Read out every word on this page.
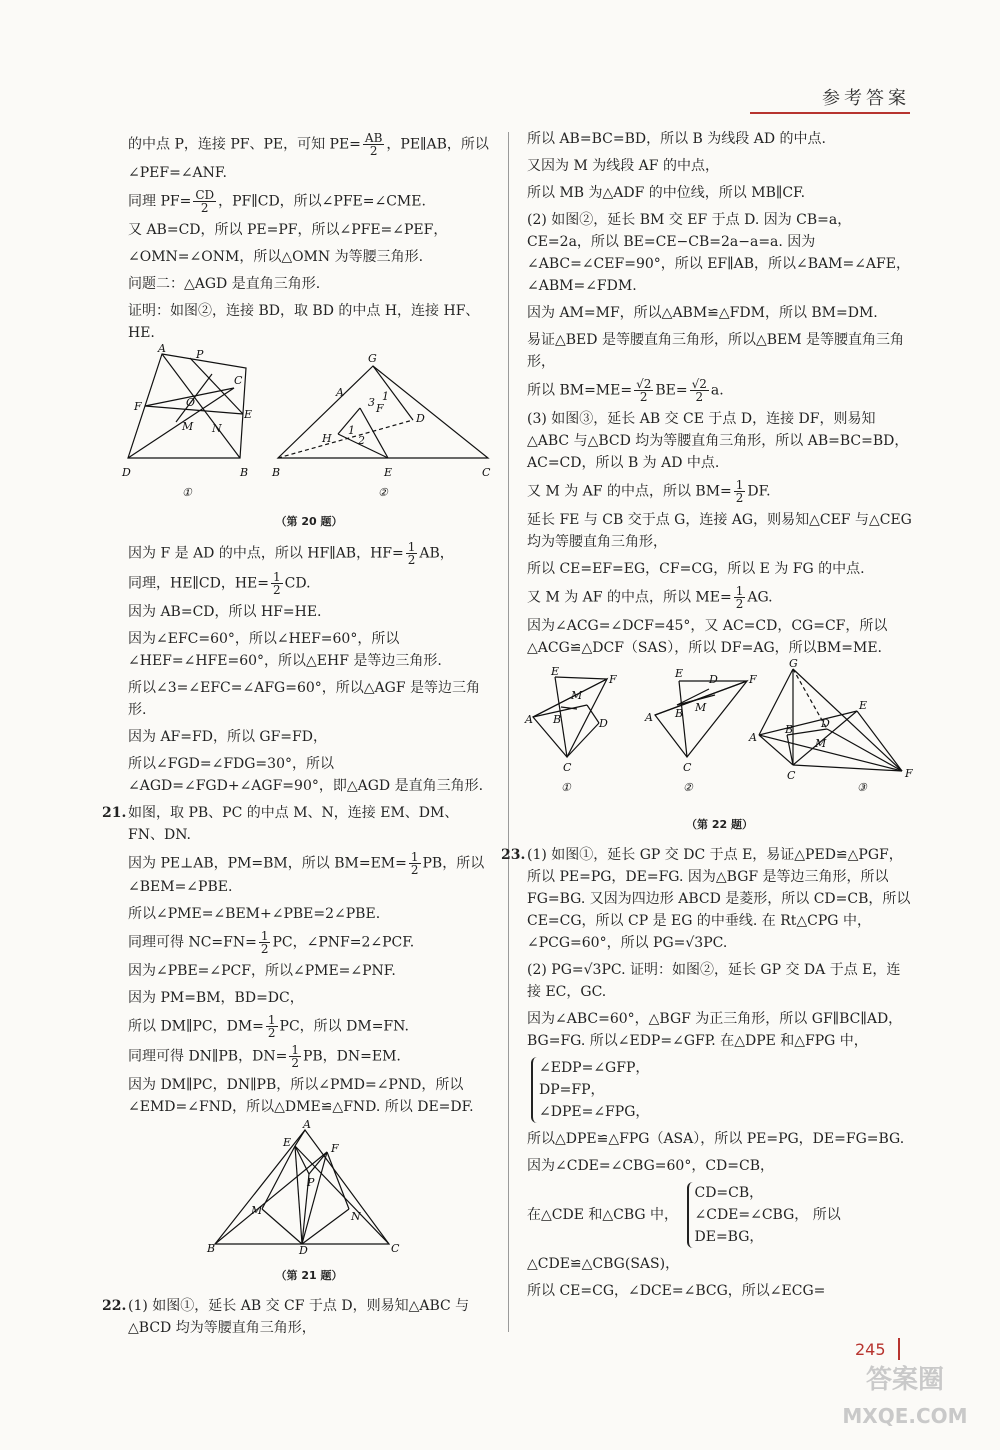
参考答案

的中点 P，连接 PF、PE，可知 $PE= \frac{AB}{2}$ ，PE∥AB，所以

∠PEF=∠ANF.

同理 $PF= \frac{CD}{2}$ ，PF∥CD，所以∠PFE=∠CME.

又 AB=CD，所以 PE=PF，所以∠PFE=∠PEF，

∠OMN=∠ONM，所以△OMN 为等腰三角形.

问题二：△AGD 是直角三角形.

证明：如图②，连接 BD，取 BD 的中点 H，连接 HF、HE.

A	P
C
F	O
E
M N
D	B
G
A
3 F
1
D
H
1
2
B	E	C
①	②

（第 20 题）

因为 F 是 AD 的中点，所以 HF∥AB，$HF= \frac{1}{2}$ AB，

同理，HE∥CD，$HE= \frac{1}{2}$ CD.

因为 AB=CD，所以 HF=HE.

因为∠EFC=60°，所以∠HEF=60°，所以∠HEF=∠HFE=60°，所以△EHF 是等边三角形.

所以∠3=∠EFC=∠AFG=60°，所以△AGF 是等边三角形.

因为 AF=FD，所以 GF=FD，

所以∠FGD=∠FDG=30°，所以∠AGD=∠FGD+∠AGF=90°，即△AGD 是直角三角形.

21. 如图，取 PB、PC 的中点 M、N，连接 EM、DM、FN、DN.

因为 PE⊥AB，PM=BM，所以 $BM=EM= \frac{1}{2}$ PB，所以∠BEM=∠PBE.

所以∠PME=∠BEM+∠PBE=2∠PBE.

同理可得 $NC=FN= \frac{1}{2}$ PC，∠PNF=2∠PCF.

因为∠PBE=∠PCF，所以∠PME=∠PNF.

因为 PM=BM，BD=DC，

所以 DM∥PC，$DM= \frac{1}{2}$ PC，所以 DM=FN.

同理可得 DN∥PB，$DN= \frac{1}{2}$ PB，DN=EM.

因为 DM∥PC，DN∥PB，所以∠PMD=∠PND，所以∠EMD=∠FND，所以△DME≌△FND. 所以 DE=DF.

A
E	F
P
M	N
B	D	C

（第 21 题）

22. (1) 如图①，延长 AB 交 CF 于点 D，则易知△ABC 与△BCD 均为等腰直角三角形，

所以 AB=BC=BD，所以 B 为线段 AD 的中点.

又因为 M 为线段 AF 的中点，

所以 MB 为△ADF 的中位线，所以 MB∥CF.

(2) 如图②，延长 BM 交 EF 于点 D. 因为 CB=a，CE=2a，所以 BE=CE−CB=2a−a=a. 因为∠ABC=∠CEF=90°，所以 EF∥AB，所以∠BAM=∠AFE，∠ABM=∠FDM.

因为 AM=MF，所以△ABM≌△FDM，所以 BM=DM.

易证△BED 是等腰直角三角形，所以△BEM 是等腰直角三角形，

所以 $BM=ME= \frac{√2}{2} BE= \frac{√2}{2} a$.

(3) 如图③，延长 AB 交 CE 于点 D，连接 DF，则易知△ABC 与△BCD 均为等腰直角三角形，所以 AB=BC=BD，AC=CD，所以 B 为 AD 中点.

又 M 为 AF 的中点，所以 $BM= \frac{1}{2}$ DF.

延长 FE 与 CB 交于点 G，连接 AG，则易知△CEF 与△CEG 均为等腰直角三角形，

所以 CE=EF=EG，CF=CG，所以 E 为 FG 的中点.

又 M 为 AF 的中点，所以 $ME= \frac{1}{2}$ AG.

因为∠ACG=∠DCF=45°，又 AC=CD，CG=CF，所以△ACG≌△DCF（SAS），所以 DF=AG，所以BM=ME.

E
M
F
A B	D
C
E D	F
A B M
C
G
A
B	D
E
M
C	F
①	②	③

（第 22 题）

23. (1) 如图①，延长 GP 交 DC 于点 E，易证△PED≌△PGF，所以 PE=PG，DE=FG. 因为△BGF 是等边三角形，所以 FG=BG. 又因为四边形 ABCD 是菱形，所以 CD=CB，所以 CE=CG，所以 CP 是 EG 的中垂线. 在 Rt△CPG 中，∠PCG=60°，所以 PG=√3PC.

(2) PG=√3PC. 证明：如图②，延长 GP 交 DA 于点 E，连接 EC，GC.

因为∠ABC=60°，△BGF 为正三角形，所以 GF∥BC∥AD，BG=FG. 所以∠EDP=∠GFP. 在△DPE 和△FPG 中，

∠EDP=∠GFP，
DP=FP，
∠DPE=∠FPG，

所以△DPE≌△FPG（ASA），所以 PE=PG，DE=FG=BG.

因为∠CDE=∠CBG=60°，CD=CB，

在△CDE 和△CBG 中， CD=CB，
∠CDE=∠CBG，
DE=BG， 所以

△CDE≌△CBG(SAS)，

所以 CE=CG，∠DCE=∠BCG，所以∠ECG=

245
答案圈
MXQE.COM
